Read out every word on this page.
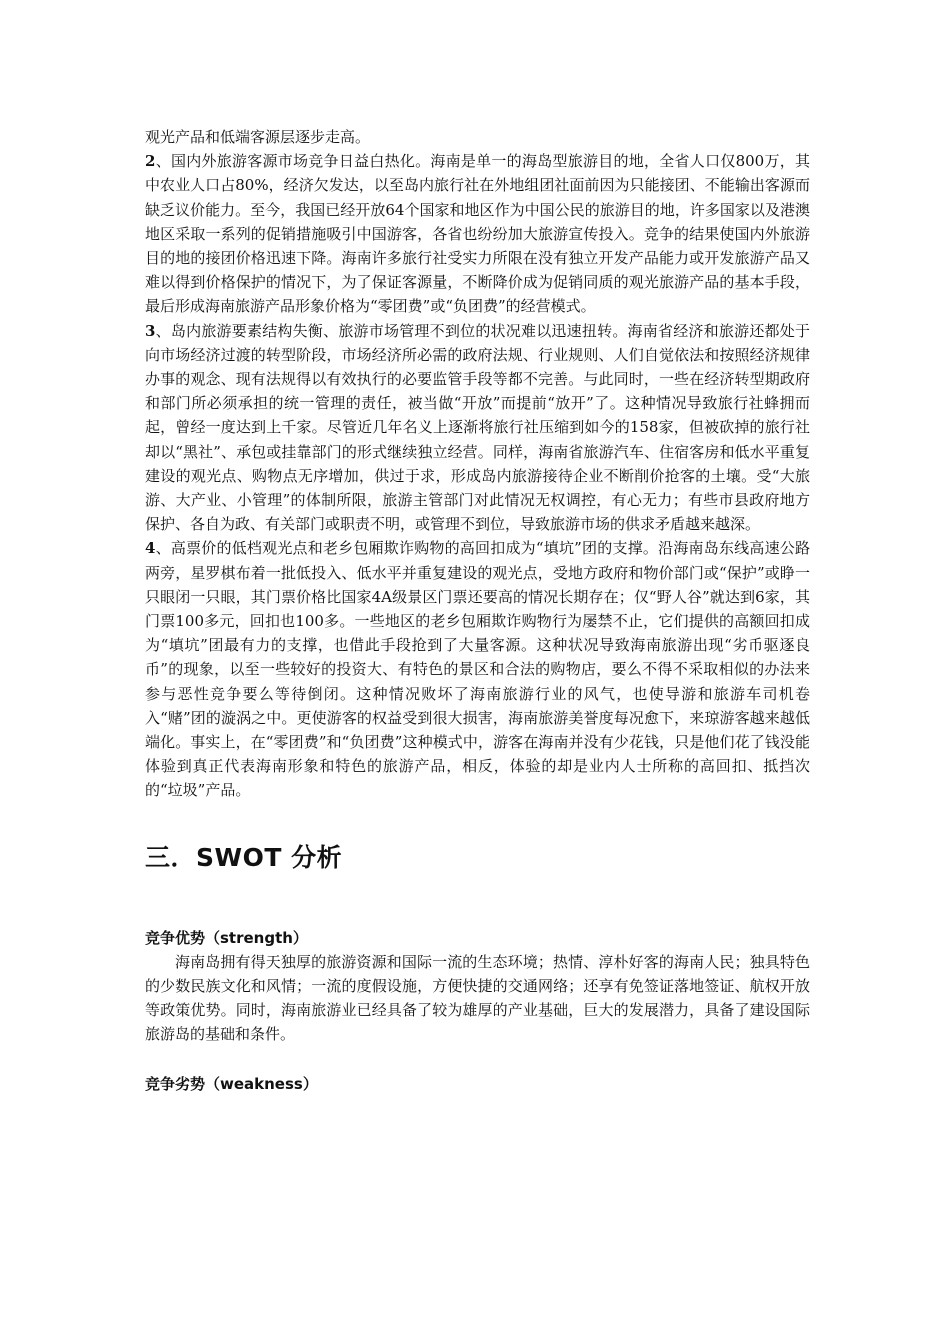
观光产品和低端客源层逐步走高。

2、国内外旅游客源市场竞争日益白热化。海南是单一的海岛型旅游目的地，全省人口仅800万，其中农业人口占80%，经济欠发达，以至岛内旅行社在外地组团社面前因为只能接团、不能输出客源而缺乏议价能力。至今，我国已经开放64个国家和地区作为中国公民的旅游目的地，许多国家以及港澳地区采取一系列的促销措施吸引中国游客，各省也纷纷加大旅游宣传投入。竞争的结果使国内外旅游目的地的接团价格迅速下降。海南许多旅行社受实力所限在没有独立开发产品能力或开发旅游产品又难以得到价格保护的情况下，为了保证客源量，不断降价成为促销同质的观光旅游产品的基本手段，最后形成海南旅游产品形象价格为“零团费”或“负团费”的经营模式。

3、岛内旅游要素结构失衡、旅游市场管理不到位的状况难以迅速扭转。海南省经济和旅游还都处于向市场经济过渡的转型阶段，市场经济所必需的政府法规、行业规则、人们自觉依法和按照经济规律办事的观念、现有法规得以有效执行的必要监管手段等都不完善。与此同时，一些在经济转型期政府和部门所必须承担的统一管理的责任，被当做“开放”而提前“放开”了。这种情况导致旅行社蜂拥而起，曾经一度达到上千家。尽管近几年名义上逐渐将旅行社压缩到如今的158家，但被砍掉的旅行社却以“黑社”、承包或挂靠部门的形式继续独立经营。同样，海南省旅游汽车、住宿客房和低水平重复建设的观光点、购物点无序增加，供过于求，形成岛内旅游接待企业不断削价抢客的土壤。受“大旅游、大产业、小管理”的体制所限，旅游主管部门对此情况无权调控，有心无力；有些市县政府地方保护、各自为政、有关部门或职责不明，或管理不到位，导致旅游市场的供求矛盾越来越深。

4、高票价的低档观光点和老乡包厢欺诈购物的高回扣成为“填坑”团的支撑。沿海南岛东线高速公路两旁，星罗棋布着一批低投入、低水平并重复建设的观光点，受地方政府和物价部门或“保护”或睁一只眼闭一只眼，其门票价格比国家4A级景区门票还要高的情况长期存在；仅“野人谷”就达到6家，其门票100多元，回扣也100多。一些地区的老乡包厢欺诈购物行为屡禁不止，它们提供的高额回扣成为“填坑”团最有力的支撑，也借此手段抢到了大量客源。这种状况导致海南旅游出现“劣币驱逐良币”的现象，以至一些较好的投资大、有特色的景区和合法的购物店，要么不得不采取相似的办法来参与恶性竞争要么等待倒闭。这种情况败坏了海南旅游行业的风气，也使导游和旅游车司机卷入“赌”团的漩涡之中。更使游客的权益受到很大损害，海南旅游美誉度每况愈下，来琼游客越来越低端化。事实上，在“零团费”和“负团费”这种模式中，游客在海南并没有少花钱，只是他们花了钱没能体验到真正代表海南形象和特色的旅游产品，相反，体验的却是业内人士所称的高回扣、抵挡次的“垃圾”产品。

三．SWOT 分析
竞争优势（strength）

海南岛拥有得天独厚的旅游资源和国际一流的生态环境；热情、淳朴好客的海南人民；独具特色的少数民族文化和风情；一流的度假设施，方便快捷的交通网络；还享有免签证落地签证、航权开放等政策优势。同时，海南旅游业已经具备了较为雄厚的产业基础，巨大的发展潜力，具备了建设国际旅游岛的基础和条件。

竞争劣势（weakness）
